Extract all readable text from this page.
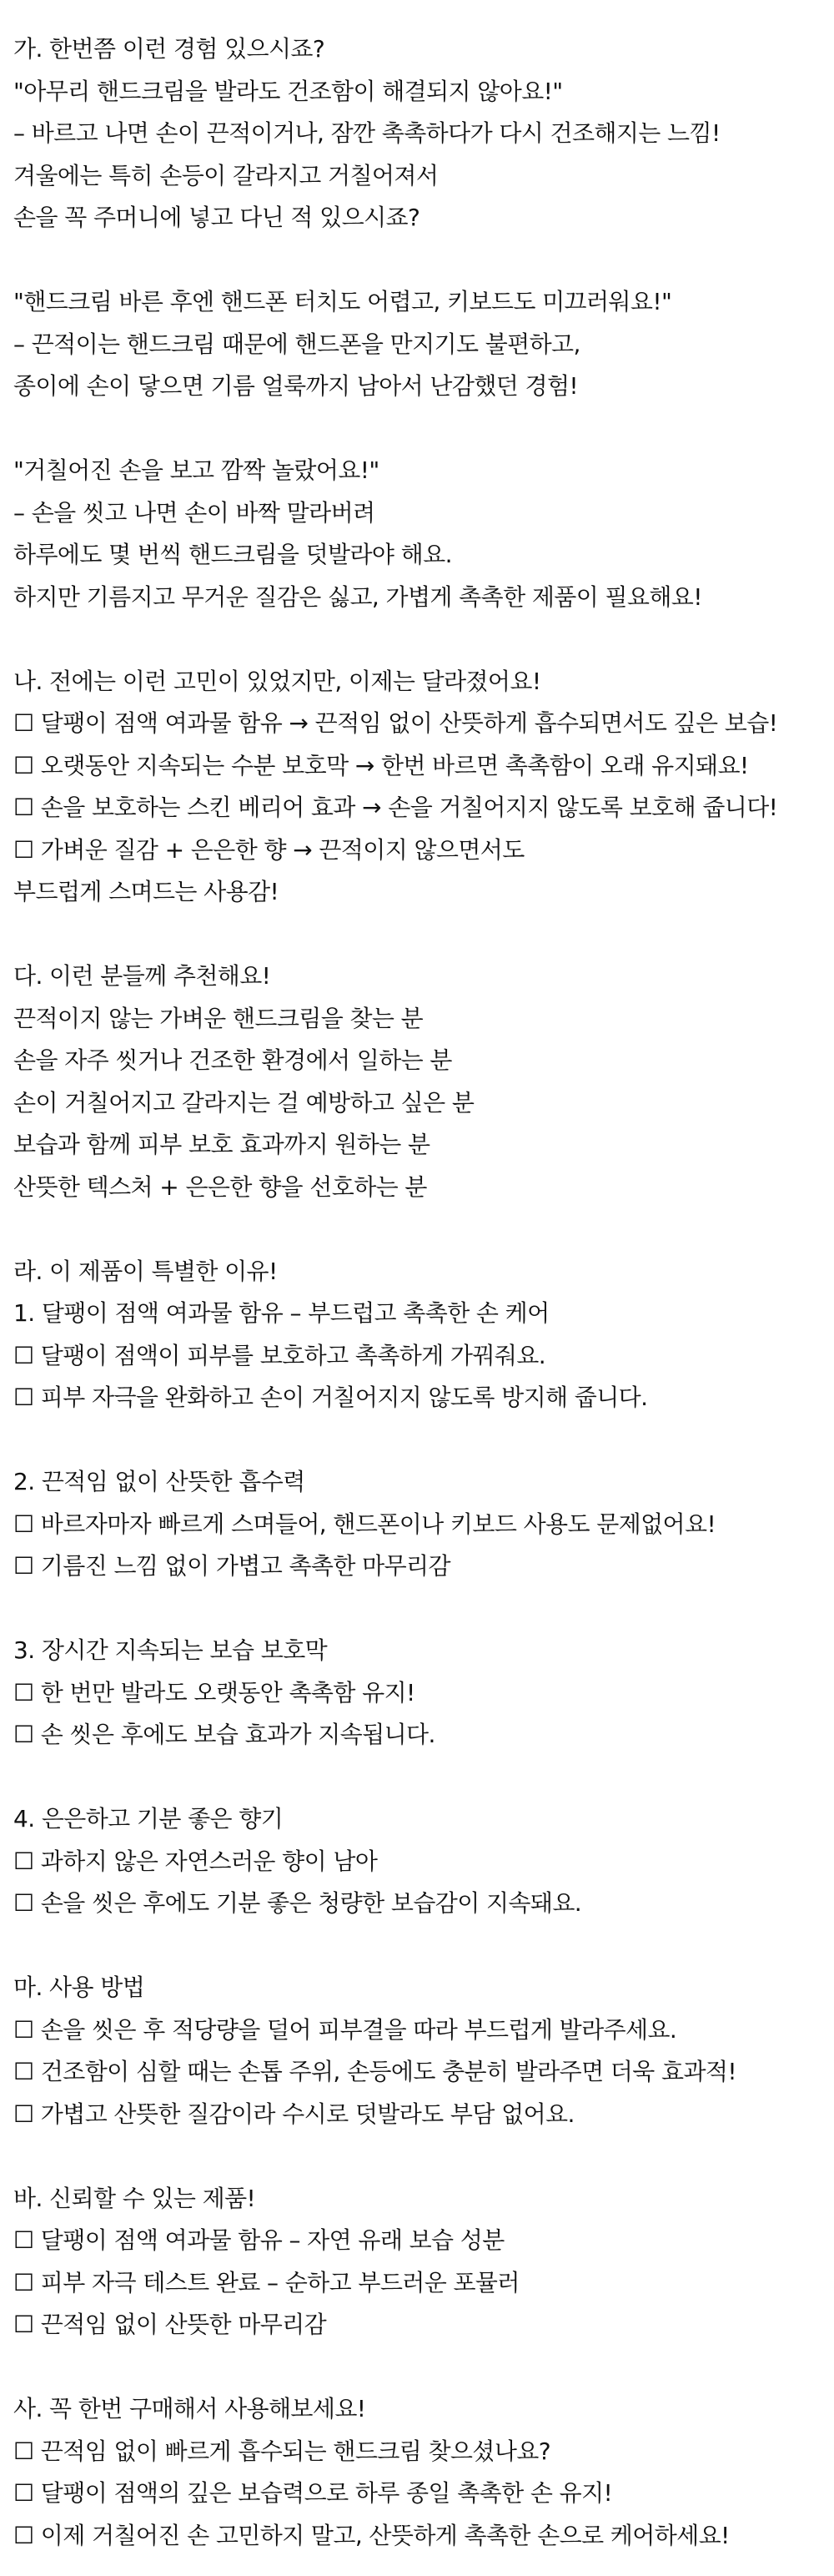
가. 한번쯤 이런 경험 있으시죠?
"아무리 핸드크림을 발라도 건조함이 해결되지 않아요!"
– 바르고 나면 손이 끈적이거나, 잠깐 촉촉하다가 다시 건조해지는 느낌!
겨울에는 특히 손등이 갈라지고 거칠어져서
손을 꼭 주머니에 넣고 다닌 적 있으시죠?
"핸드크림 바른 후엔 핸드폰 터치도 어렵고, 키보드도 미끄러워요!"
– 끈적이는 핸드크림 때문에 핸드폰을 만지기도 불편하고,
종이에 손이 닿으면 기름 얼룩까지 남아서 난감했던 경험!
"거칠어진 손을 보고 깜짝 놀랐어요!"
– 손을 씻고 나면 손이 바짝 말라버려
하루에도 몇 번씩 핸드크림을 덧발라야 해요.
하지만 기름지고 무거운 질감은 싫고, 가볍게 촉촉한 제품이 필요해요!
나. 전에는 이런 고민이 있었지만, 이제는 달라졌어요!
☐ 달팽이 점액 여과물 함유 → 끈적임 없이 산뜻하게 흡수되면서도 깊은 보습!
☐ 오랫동안 지속되는 수분 보호막 → 한번 바르면 촉촉함이 오래 유지돼요!
☐ 손을 보호하는 스킨 베리어 효과 → 손을 거칠어지지 않도록 보호해 줍니다!
☐ 가벼운 질감 + 은은한 향 → 끈적이지 않으면서도
부드럽게 스며드는 사용감!
다. 이런 분들께 추천해요!
끈적이지 않는 가벼운 핸드크림을 찾는 분
손을 자주 씻거나 건조한 환경에서 일하는 분
손이 거칠어지고 갈라지는 걸 예방하고 싶은 분
보습과 함께 피부 보호 효과까지 원하는 분
산뜻한 텍스처 + 은은한 향을 선호하는 분
라. 이 제품이 특별한 이유!
1. 달팽이 점액 여과물 함유 – 부드럽고 촉촉한 손 케어
☐ 달팽이 점액이 피부를 보호하고 촉촉하게 가꿔줘요.
☐ 피부 자극을 완화하고 손이 거칠어지지 않도록 방지해 줍니다.
2. 끈적임 없이 산뜻한 흡수력
☐ 바르자마자 빠르게 스며들어, 핸드폰이나 키보드 사용도 문제없어요!
☐ 기름진 느낌 없이 가볍고 촉촉한 마무리감
3. 장시간 지속되는 보습 보호막
☐ 한 번만 발라도 오랫동안 촉촉함 유지!
☐ 손 씻은 후에도 보습 효과가 지속됩니다.
4. 은은하고 기분 좋은 향기
☐ 과하지 않은 자연스러운 향이 남아
☐ 손을 씻은 후에도 기분 좋은 청량한 보습감이 지속돼요.
마. 사용 방법
☐ 손을 씻은 후 적당량을 덜어 피부결을 따라 부드럽게 발라주세요.
☐ 건조함이 심할 때는 손톱 주위, 손등에도 충분히 발라주면 더욱 효과적!
☐ 가볍고 산뜻한 질감이라 수시로 덧발라도 부담 없어요.
바. 신뢰할 수 있는 제품!
☐ 달팽이 점액 여과물 함유 – 자연 유래 보습 성분
☐ 피부 자극 테스트 완료 – 순하고 부드러운 포뮬러
☐ 끈적임 없이 산뜻한 마무리감
사. 꼭 한번 구매해서 사용해보세요!
☐ 끈적임 없이 빠르게 흡수되는 핸드크림 찾으셨나요?
☐ 달팽이 점액의 깊은 보습력으로 하루 종일 촉촉한 손 유지!
☐ 이제 거칠어진 손 고민하지 말고, 산뜻하게 촉촉한 손으로 케어하세요!
